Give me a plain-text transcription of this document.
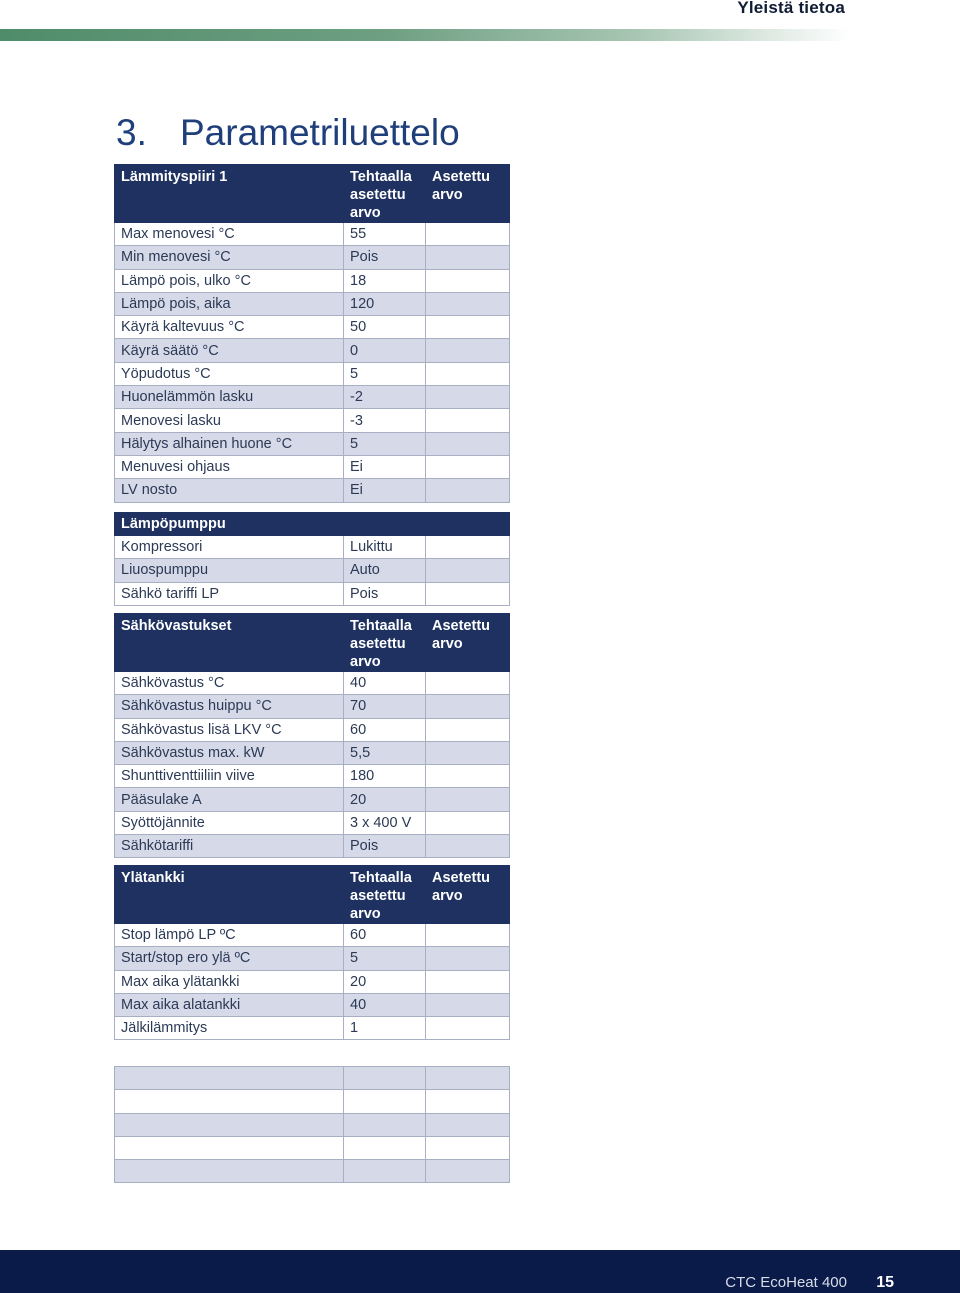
Yleistä tietoa
3. Parametriluettelo
Lämmityspiiri 1	Tehtaalla asetettu arvo	Asetettu arvo
Max menovesi °C	55	
Min menovesi °C	Pois	
Lämpö pois, ulko °C	18	
Lämpö pois, aika	120	
Käyrä kaltevuus °C	50	
Käyrä säätö °C	0	
Yöpudotus °C	5	
Huonelämmön lasku	-2	
Menovesi lasku	-3	
Hälytys alhainen huone °C	5	
Menuvesi ohjaus	Ei	
LV nosto	Ei	
Lämpöpumppu		
Kompressori	Lukittu	
Liuospumppu	Auto	
Sähkö tariffi LP	Pois	
Sähkövastukset	Tehtaalla asetettu arvo	Asetettu arvo
Sähkövastus °C	40	
Sähkövastus huippu °C	70	
Sähkövastus lisä LKV °C	60	
Sähkövastus max. kW	5,5	
Shunttiventtiiliin viive	180	
Pääsulake A	20	
Syöttöjännite	3 x 400 V	
Sähkötariffi	Pois	
Ylätankki	Tehtaalla asetettu arvo	Asetettu arvo
Stop lämpö LP ºC	60	
Start/stop ero ylä ºC	5	
Max aika ylätankki	20	
Max aika alatankki	40	
Jälkilämmitys	1	

CTC EcoHeat 400 15
